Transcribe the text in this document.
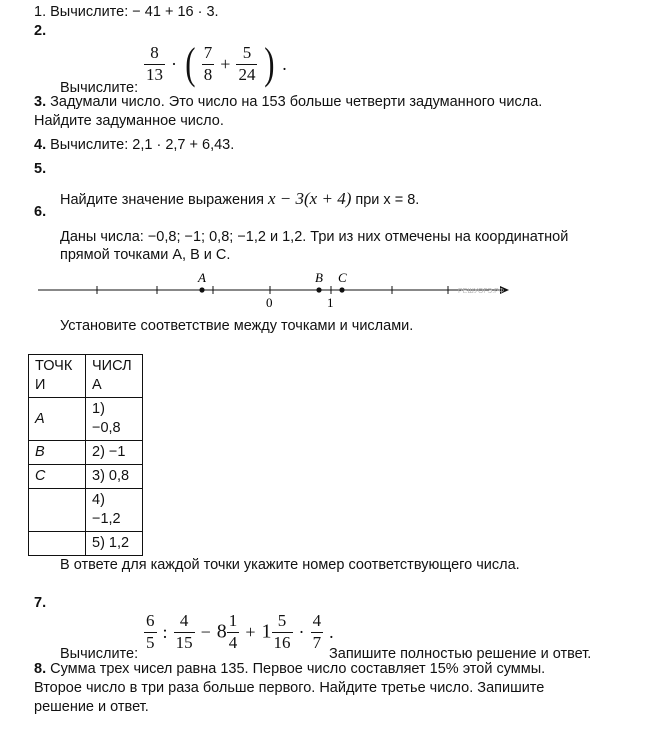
1. Вычислите: − 41 + 16 · 3.
2.
Вычислите:
$\frac{8}{13}$ · ( $\frac{7}{8} + \frac{5}{24}$ ) .
3. Задумали число. Это число на 153 больше четверти задуманного числа.
Найдите задуманное число.
4. Вычислите: 2,1 · 2,7 + 6,43.
5.
Найдите значение выражения x − 3(x + 4) при x = 8.
6.
Даны числа: −0,8; −1; 0,8; −1,2 и 1,2. Три из них отмечены на координатной
прямой точками A, B и C.
A	B C
0	1
РЕШУОГЭ.РФ
Установите соответствие между точками и числами.
ТОЧК И	ЧИСЛ А
A	1) −0,8
B	2) −1
C	3) 0,8
	4) −1,2
	5) 1,2
В ответе для каждой точки укажите номер соответствующего числа.
7.
Вычислите:
$\frac{6}{5}$ : $\frac{4}{15} - 8 \frac{1}{4} + 1 \frac{5}{16} \cdot \frac{4}{7}$ .
Запишите полностью решение и ответ.
8. Сумма трех чисел равна 135. Первое число составляет 15% этой суммы.
Второе число в три раза больше первого. Найдите третье число. Запишите
решение и ответ.
